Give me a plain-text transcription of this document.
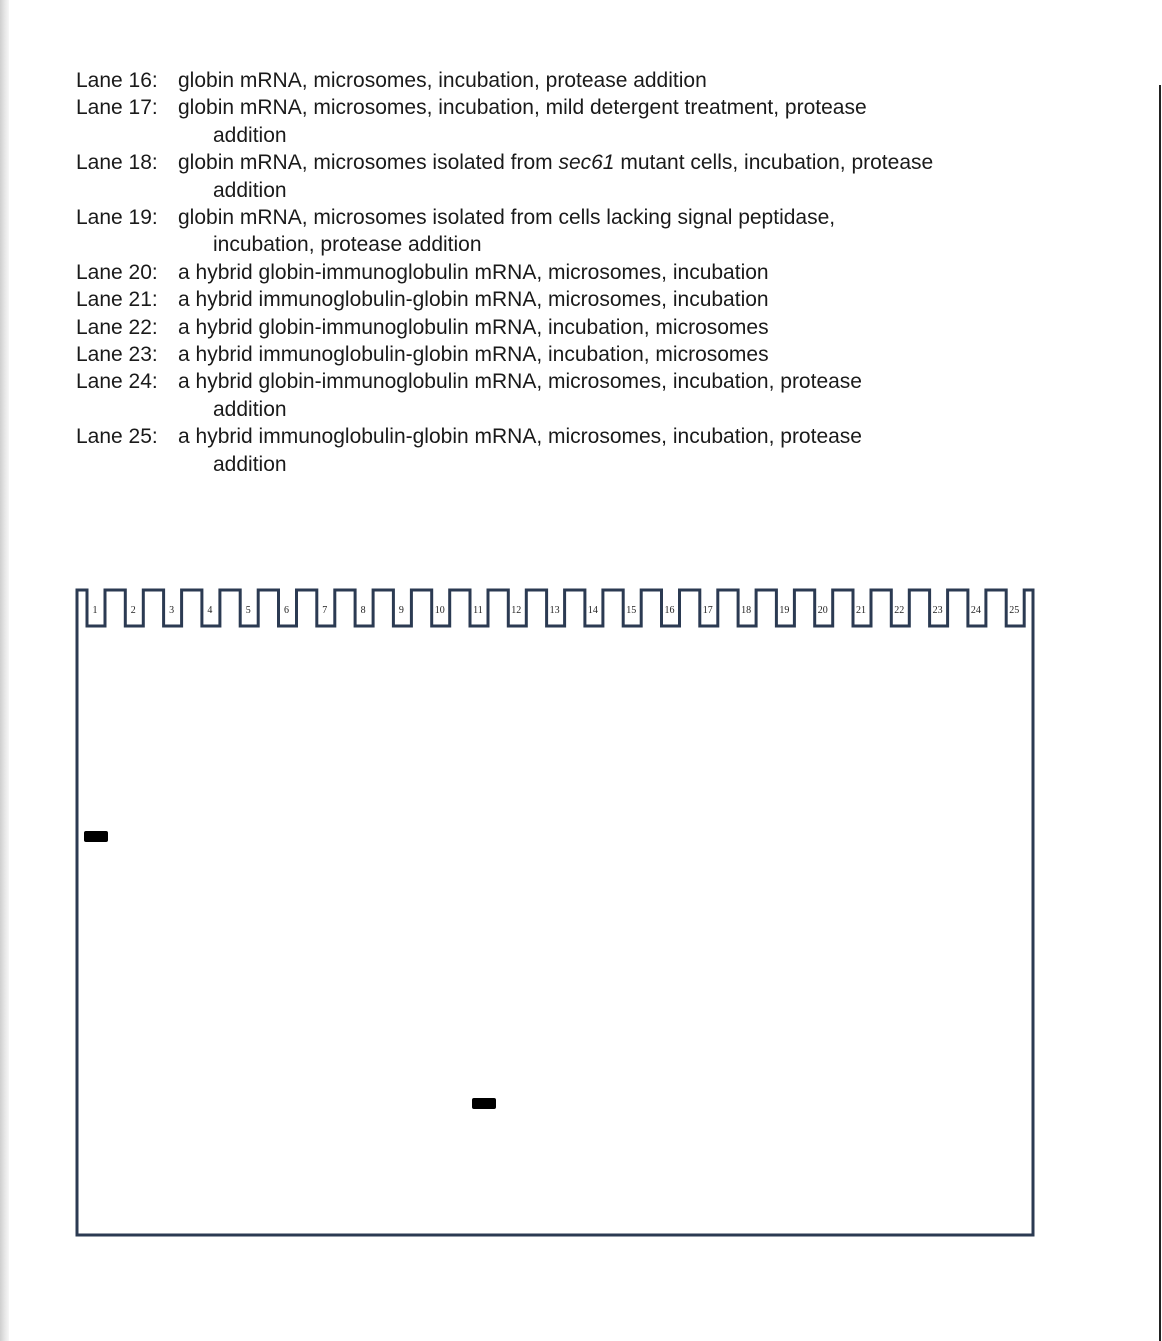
Lane 16: globin mRNA, microsomes, incubation, protease addition
Lane 17: globin mRNA, microsomes, incubation, mild detergent treatment, protease
addition
Lane 18: globin mRNA, microsomes isolated from sec61 mutant cells, incubation, protease
addition
Lane 19: globin mRNA, microsomes isolated from cells lacking signal peptidase,
incubation, protease addition
Lane 20: a hybrid globin-immunoglobulin mRNA, microsomes, incubation
Lane 21: a hybrid immunoglobulin-globin mRNA, microsomes, incubation
Lane 22: a hybrid globin-immunoglobulin mRNA, incubation, microsomes
Lane 23: a hybrid immunoglobulin-globin mRNA, incubation, microsomes
Lane 24: a hybrid globin-immunoglobulin mRNA, microsomes, incubation, protease
addition
Lane 25: a hybrid immunoglobulin-globin mRNA, microsomes, incubation, protease
addition
1	2	3	4	5	6	7	8	9	10	11	12	13	14	15	16	17	18	19	20	21	22	23	24	25
